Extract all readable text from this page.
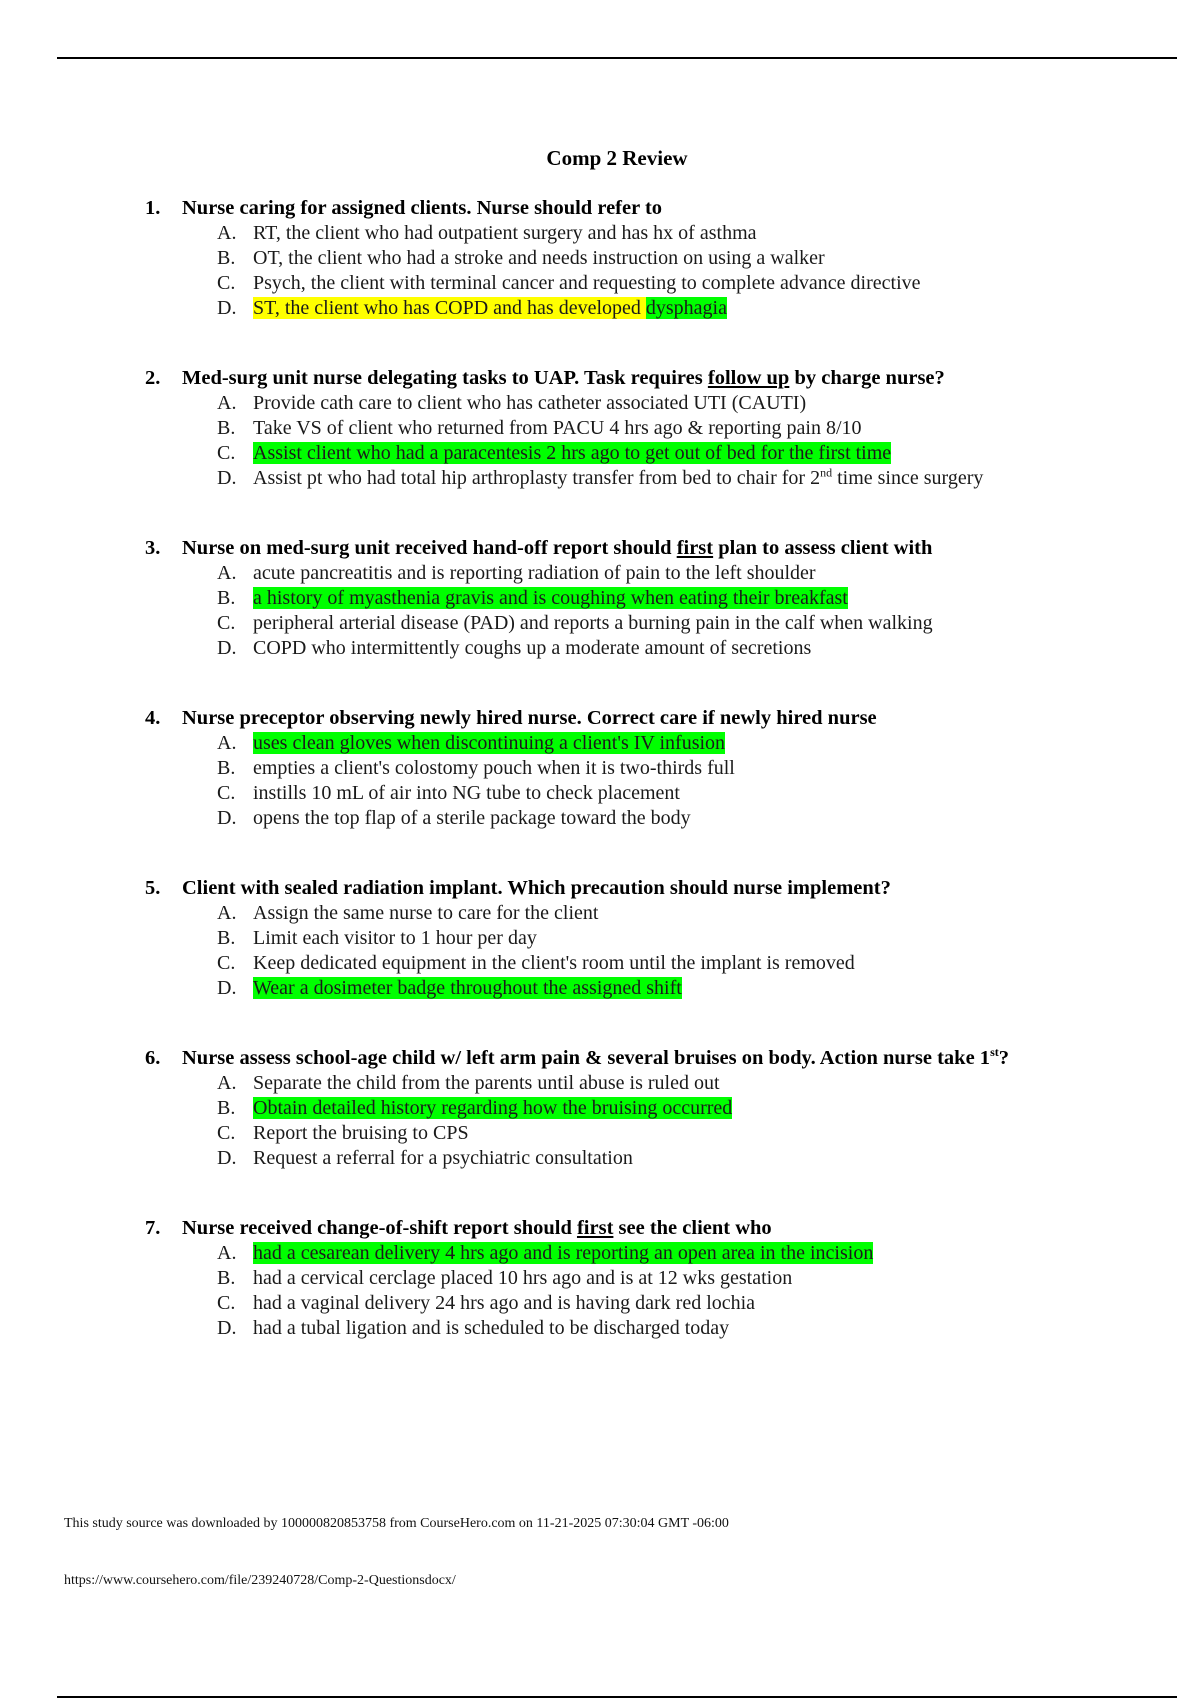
Comp 2 Review
1. Nurse caring for assigned clients. Nurse should refer to
A. RT, the client who had outpatient surgery and has hx of asthma
B. OT, the client who had a stroke and needs instruction on using a walker
C. Psych, the client with terminal cancer and requesting to complete advance directive
D. ST, the client who has COPD and has developed dysphagia
2. Med-surg unit nurse delegating tasks to UAP. Task requires follow up by charge nurse?
A. Provide cath care to client who has catheter associated UTI (CAUTI)
B. Take VS of client who returned from PACU 4 hrs ago & reporting pain 8/10
C. Assist client who had a paracentesis 2 hrs ago to get out of bed for the first time
D. Assist pt who had total hip arthroplasty transfer from bed to chair for 2nd time since surgery
3. Nurse on med-surg unit received hand-off report should first plan to assess client with
A. acute pancreatitis and is reporting radiation of pain to the left shoulder
B. a history of myasthenia gravis and is coughing when eating their breakfast
C. peripheral arterial disease (PAD) and reports a burning pain in the calf when walking
D. COPD who intermittently coughs up a moderate amount of secretions
4. Nurse preceptor observing newly hired nurse. Correct care if newly hired nurse
A. uses clean gloves when discontinuing a client's IV infusion
B. empties a client's colostomy pouch when it is two-thirds full
C. instills 10 mL of air into NG tube to check placement
D. opens the top flap of a sterile package toward the body
5. Client with sealed radiation implant. Which precaution should nurse implement?
A. Assign the same nurse to care for the client
B. Limit each visitor to 1 hour per day
C. Keep dedicated equipment in the client's room until the implant is removed
D. Wear a dosimeter badge throughout the assigned shift
6. Nurse assess school-age child w/ left arm pain & several bruises on body. Action nurse take 1st?
A. Separate the child from the parents until abuse is ruled out
B. Obtain detailed history regarding how the bruising occurred
C. Report the bruising to CPS
D. Request a referral for a psychiatric consultation
7. Nurse received change-of-shift report should first see the client who
A. had a cesarean delivery 4 hrs ago and is reporting an open area in the incision
B. had a cervical cerclage placed 10 hrs ago and is at 12 wks gestation
C. had a vaginal delivery 24 hrs ago and is having dark red lochia
D. had a tubal ligation and is scheduled to be discharged today
This study source was downloaded by 100000820853758 from CourseHero.com on 11-21-2025 07:30:04 GMT -06:00
https://www.coursehero.com/file/239240728/Comp-2-Questionsdocx/
